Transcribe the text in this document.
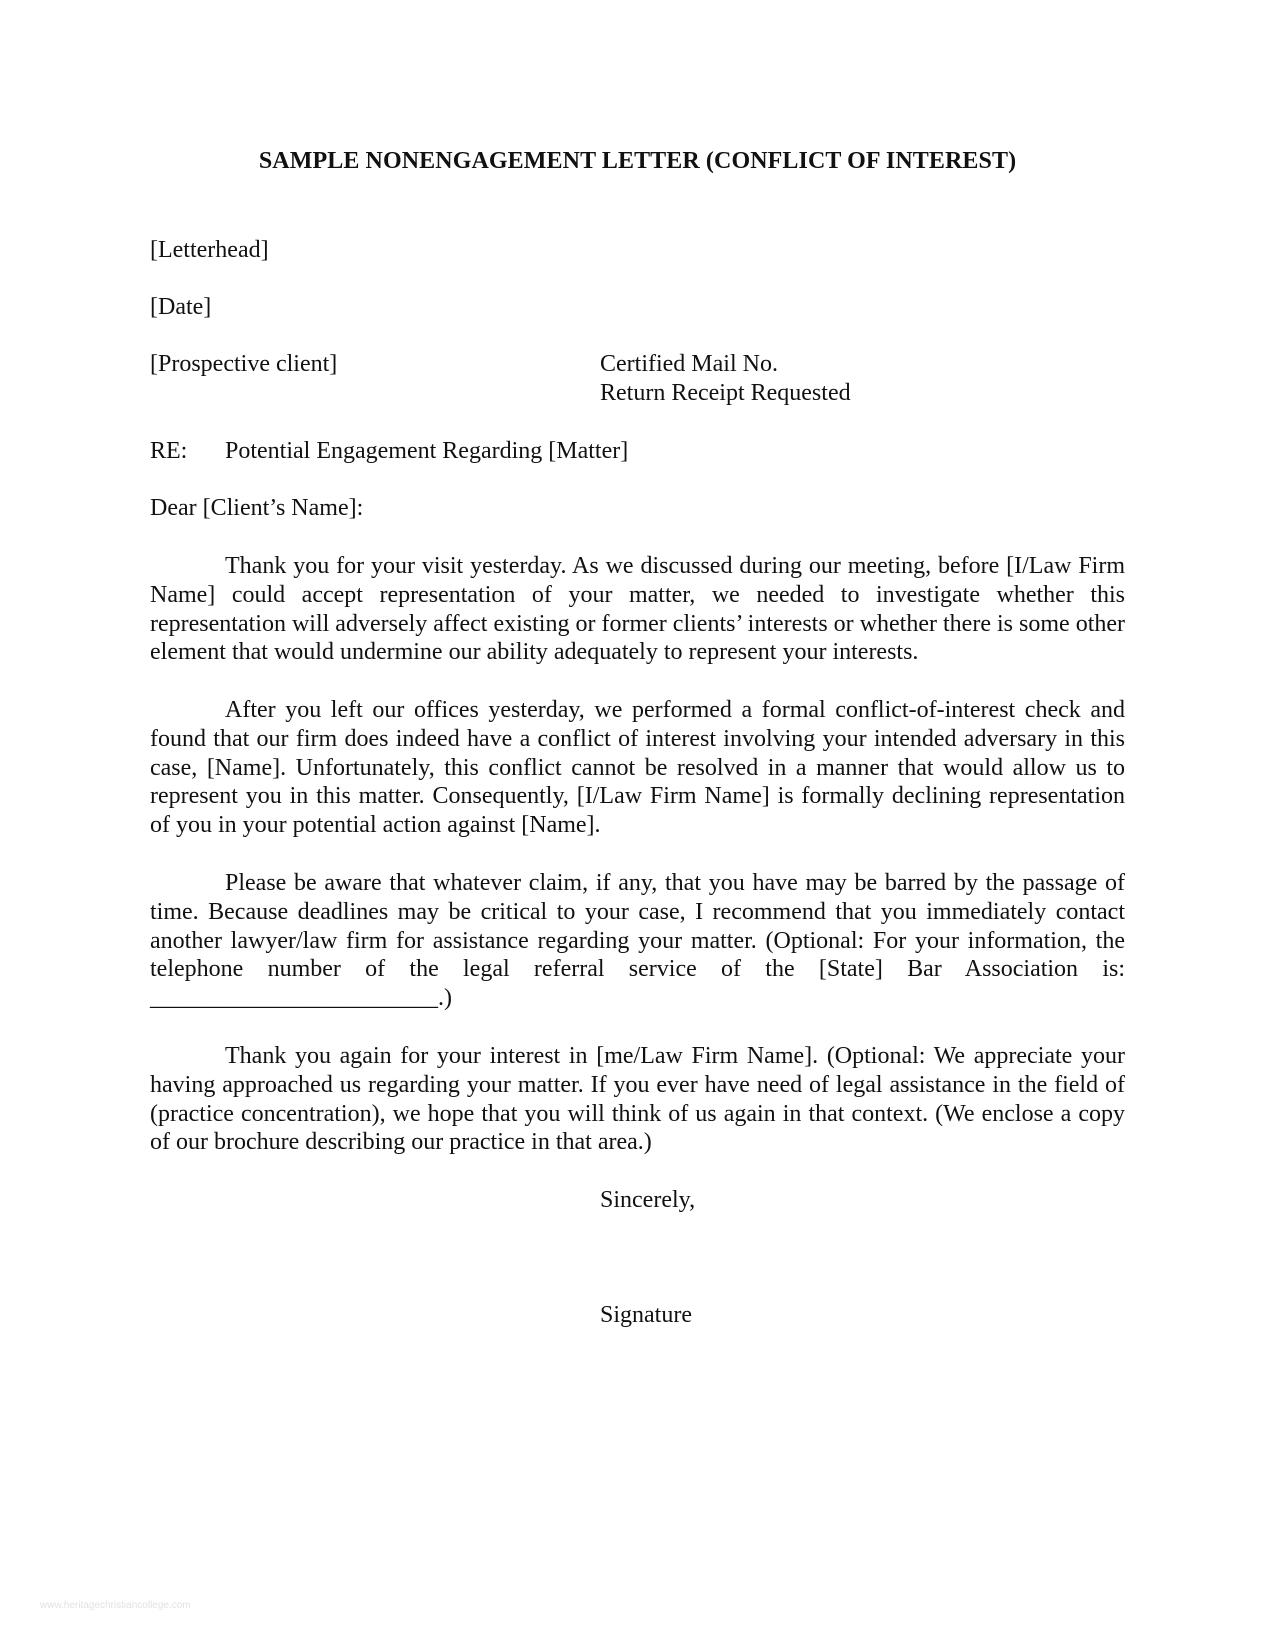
SAMPLE NONENGAGEMENT LETTER (CONFLICT OF INTEREST)
[Letterhead]
[Date]
[Prospective client]	Certified Mail No.
Return Receipt Requested
RE: Potential Engagement Regarding [Matter]
Dear [Client’s Name]:

Thank you for your visit yesterday. As we discussed during our meeting, before [I/Law Firm Name] could accept representation of your matter, we needed to investigate whether this representation will adversely affect existing or former clients’ interests or whether there is some other element that would undermine our ability adequately to represent your interests.

After you left our offices yesterday, we performed a formal conflict-of-interest check and found that our firm does indeed have a conflict of interest involving your intended adversary in this case, [Name]. Unfortunately, this conflict cannot be resolved in a manner that would allow us to represent you in this matter. Consequently, [I/Law Firm Name] is formally declining representation of you in your potential action against [Name].

Please be aware that whatever claim, if any, that you have may be barred by the passage of time. Because deadlines may be critical to your case, I recommend that you immediately contact another lawyer/law firm for assistance regarding your matter. (Optional: For your information, the telephone number of the legal referral service of the [State] Bar Association is: ________________________.)

Thank you again for your interest in [me/Law Firm Name]. (Optional: We appreciate your having approached us regarding your matter. If you ever have need of legal assistance in the field of (practice concentration), we hope that you will think of us again in that context. (We enclose a copy of our brochure describing our practice in that area.)

Sincerely,
Signature
www.heritagechristiancollege.com
